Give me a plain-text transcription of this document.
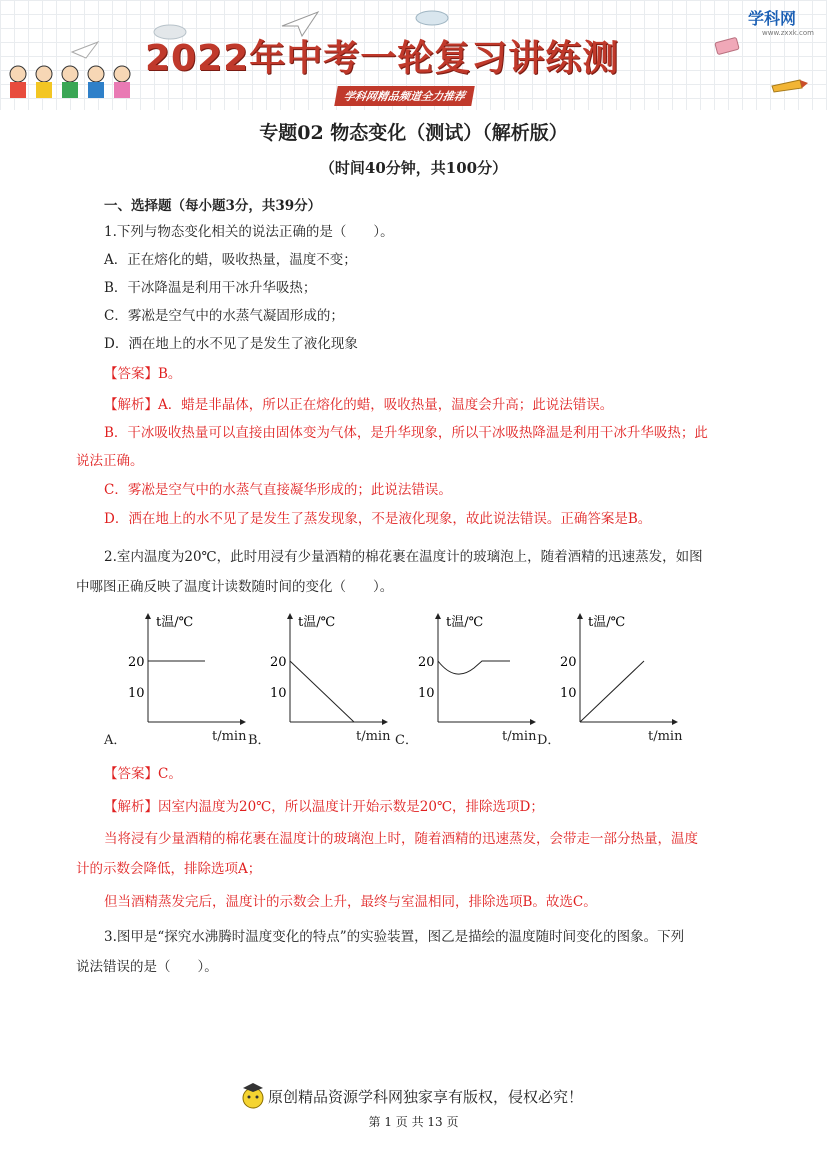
2022年中考一轮复习讲练测
学科网精品频道全力推荐
学科网
www.zxxk.com
专题02 物态变化（测试）（解析版）
（时间40分钟，共100分）
一、选择题（每小题3分，共39分）
1.下列与物态变化相关的说法正确的是（　　）。
A．正在熔化的蜡，吸收热量，温度不变；
B．干冰降温是利用干冰升华吸热；
C．雾凇是空气中的水蒸气凝固形成的；
D．洒在地上的水不见了是发生了液化现象
【答案】B。
【解析】A．蜡是非晶体，所以正在熔化的蜡，吸收热量，温度会升高；此说法错误。
B．干冰吸收热量可以直接由固体变为气体，是升华现象，所以干冰吸热降温是利用干冰升华吸热；此
说法正确。
C．雾凇是空气中的水蒸气直接凝华形成的；此说法错误。
D．洒在地上的水不见了是发生了蒸发现象，不是液化现象，故此说法错误。正确答案是B。
2.室内温度为20℃，此时用浸有少量酒精的棉花裹在温度计的玻璃泡上，随着酒精的迅速蒸发，如图
中哪图正确反映了温度计读数随时间的变化（　　）。
t温/℃
20
10
A．	t/min
t温/℃
20
10
B．	t/min
t温/℃
20
10
C．	t/min
t温/℃
20
10
D．	t/min
【答案】C。
【解析】因室内温度为20℃，所以温度计开始示数是20℃，排除选项D；
当将浸有少量酒精的棉花裹在温度计的玻璃泡上时，随着酒精的迅速蒸发，会带走一部分热量，温度
计的示数会降低，排除选项A；
但当酒精蒸发完后，温度计的示数会上升，最终与室温相同，排除选项B。故选C。
3.图甲是“探究水沸腾时温度变化的特点”的实验装置，图乙是描绘的温度随时间变化的图象。下列
说法错误的是（　　）。
原创精品资源学科网独家享有版权，侵权必究！
第 1 页 共 13 页
